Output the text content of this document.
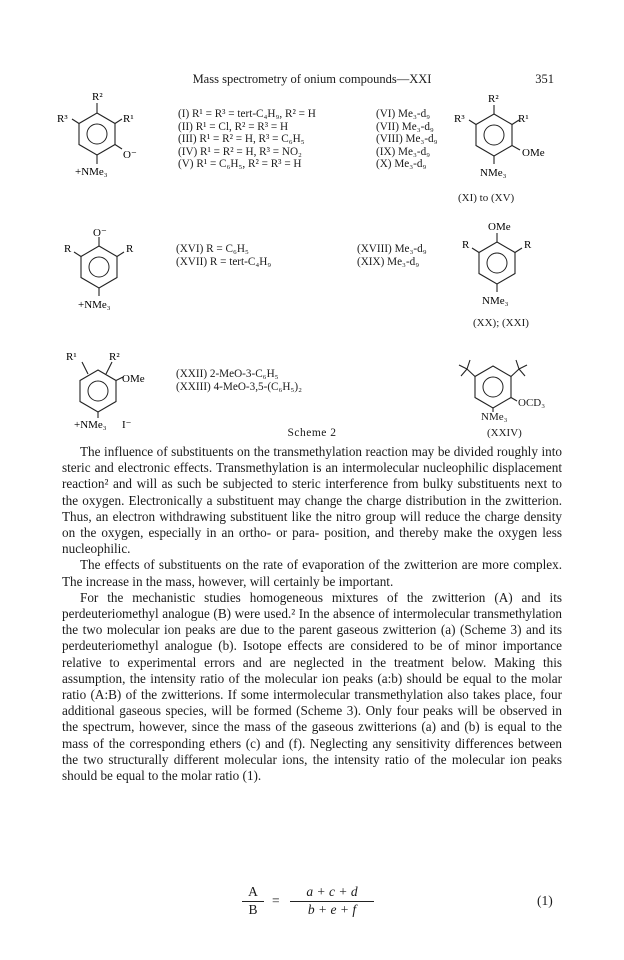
Mass spectrometry of onium compounds—XXI	351
R²
R³	R¹
O⁻
+NMe₃
(I) R¹ = R³ = tert-C₄H₉, R² = H
(II) R¹ = Cl, R² = R³ = H
(III) R¹ = R² = H, R³ = C₆H₅
(IV) R¹ = R² = H, R³ = NO₂
(V) R¹ = C₆H₅, R² = R³ = H
(VI) Me₃-d₉
(VII) Me₃-d₉
(VIII) Me₃-d₉
(IX) Me₃-d₉
(X) Me₃-d₉
R²
R³	R¹
OMe
NMe₃
(XI) to (XV)
O⁻
R	R
+NMe₃
(XVI) R = C₆H₅
(XVII) R = tert-C₄H₉
(XVIII) Me₃-d₉
(XIX) Me₃-d₉
OMe
R	R
NMe₃
(XX); (XXI)
R¹	R²
OMe
+NMe₃ I⁻
(XXII) 2-MeO-3-C₆H₅
(XXIII) 4-MeO-3,5-(C₆H₅)₂
OCD₃
NMe₃
(XXIV)
Scheme 2

The influence of substituents on the transmethylation reaction may be divided roughly into steric and electronic effects. Transmethylation is an intermolecular nucleophilic displacement reaction² and will as such be subjected to steric interference from bulky substituents next to the oxygen. Electronically a substituent may change the charge distribution in the zwitterion. Thus, an electron withdrawing substituent like the nitro group will reduce the charge density on the oxygen, especially in an ortho- or para- position, and thereby make the oxygen less nucleophilic.

The effects of substituents on the rate of evaporation of the zwitterion are more complex. The increase in the mass, however, will certainly be important.

For the mechanistic studies homogeneous mixtures of the zwitterion (A) and its perdeuteriomethyl analogue (B) were used.² In the absence of intermolecular transmethylation the two molecular ion peaks are due to the parent gaseous zwitterion (a) (Scheme 3) and its perdeuteriomethyl analogue (b). Isotope effects are considered to be of minor importance relative to experimental errors and are neglected in the treatment below. Making this assumption, the intensity ratio of the molecular ion peaks (a:b) should be equal to the molar ratio (A:B) of the zwitterions. If some intermolecular transmethylation also takes place, four additional gaseous species, will be formed (Scheme 3). Only four peaks will be observed in the spectrum, however, since the mass of the gaseous zwitterions (a) and (b) is equal to the mass of the corresponding ethers (c) and (f). Neglecting any sensitivity differences between the two structurally different molecular ions, the intensity ratio of the molecular ion peaks should be equal to the molar ratio (1).

A
B
=
a + c + d
b + e + f
(1)
